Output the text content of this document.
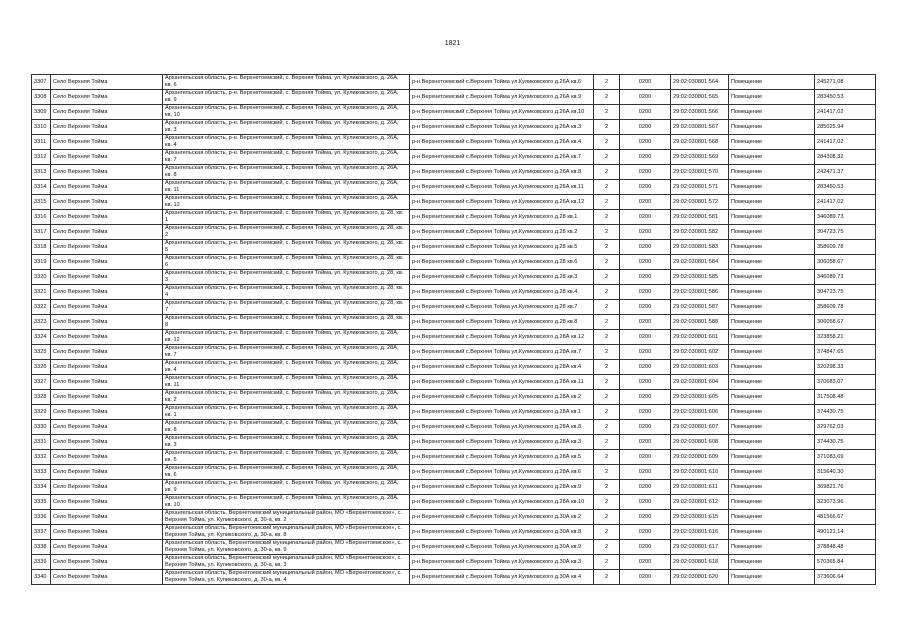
1821
3307	Село Верхняя Тойма	Архангельская область, р-н. Верхнетоемский, с. Верхняя Тойма, ул. Куликовского, д. 26А, кв. 6	р-н Верхнетоемский с.Верхняя Тойма ул.Куликовского д.26А кв.6	2	0200	29:02:030801:564	Помещение	245271,08
3308	Село Верхняя Тойма	Архангельская область, р-н. Верхнетоемский, с. Верхняя Тойма, ул. Куликовского, д. 26А, кв. 9	р-н Верхнетоемский с.Верхняя Тойма ул.Куликовского д.26А кв.9	2	0200	29:02:030801:565	Помещение	283450.53
3309	Село Верхняя Тойма	Архангельская область, р-н. Верхнетоемский, с. Верхняя Тойма, ул. Куликовского, д. 26А, кв. 10	р-н Верхнетоемский с.Верхняя Тойма ул.Куликовского д.26А кв.10	2	0200	29:02:030801:566	Помещение	241417,02
3310	Село Верхняя Тойма	Архангельская область, р-н. Верхнетоемский, с. Верхняя Тойма, ул. Куликовского, д. 26А, кв. 3	р-н Верхнетоемский с.Верхняя Тойма ул.Куликовского д.26А кв.3	2	0200	29:02:030801:567	Помещение	285025.94
3311	Село Верхняя Тойма	Архангельская область, р-н. Верхнетоемский, с. Верхняя Тойма, ул. Куликовского, д. 26А, кв. 4	р-н Верхнетоемский с.Верхняя Тойма ул.Куликовского д.26А кв.4	2	0200	29:02:030801:568	Помещение	241417,02
3312	Село Верхняя Тойма	Архангельская область, р-н. Верхнетоемский, с. Верхняя Тойма, ул. Куликовского, д. 26А, кв. 7	р-н Верхнетоемский с.Верхняя Тойма ул.Куликовского д.26А кв.7	2	0200	29:02:030801:569	Помещение	284308,32
3313	Село Верхняя Тойма	Архангельская область, р-н. Верхнетоемский, с. Верхняя Тойма, ул. Куликовского, д. 26А, кв. 8	р-н Верхнетоемский с.Верхняя Тойма ул.Куликовского д.26А кв.8	2	0200	29:02:030801:570	Помещение	242471.37
3314	Село Верхняя Тойма	Архангельская область, р-н. Верхнетоемский, с. Верхняя Тойма, ул. Куликовского, д. 26А, кв. 11	р-н Верхнетоемский с.Верхняя Тойма ул.Куликовского д.26А кв.11	2	0200	29:02:030801:571	Помещение	283450.53
3315	Село Верхняя Тойма	Архангельская область, р-н. Верхнетоемский, с. Верхняя Тойма, ул. Куликовского, д. 26А, кв. 12	р-н Верхнетоемский с.Верхняя Тойма ул.Куликовского д.26А кв.12	2	0200	29:02:030801:572	Помещение	241417,02
3316	Село Верхняя Тойма	Архангельская область, р-н. Верхнетоемский, с. Верхняя Тойма, ул. Куликовского, д. 28, кв. 1	р-н Верхнетоемский с.Верхняя Тойма ул.Куликовского д.28 кв.1	2	0200	29:02:030801:581	Помещение	346089.73
3317	Село Верхняя Тойма	Архангельская область, р-н. Верхнетоемский, с. Верхняя Тойма, ул. Куликовского, д. 28, кв. 2	р-н Верхнетоемский с.Верхняя Тойма ул.Куликовского д.28 кв.2	2	0200	29:02:030801:582	Помещение	304723.75
3318	Село Верхняя Тойма	Архангельская область, р-н. Верхнетоемский, с. Верхняя Тойма, ул. Куликовского, д. 28, кв. 5	р-н Верхнетоемский с.Верхняя Тойма ул.Куликовского д.28 кв.5	2	0200	29:02:030801:583	Помещение	358609.78
3319	Село Верхняя Тойма	Архангельская область, р-н. Верхнетоемский, с. Верхняя Тойма, ул. Куликовского, д. 28, кв. 6	р-н Верхнетоемский с.Верхняя Тойма ул.Куликовского д.28 кв.6	2	0200	29:02:030801:584	Помещение	306058.67
3320	Село Верхняя Тойма	Архангельская область, р-н. Верхнетоемский, с. Верхняя Тойма, ул. Куликовского, д. 28, кв. 3	р-н Верхнетоемский с.Верхняя Тойма ул.Куликовского д.28 кв.3	2	0200	29:02:030801:585	Помещение	346089.73
3321	Село Верхняя Тойма	Архангельская область, р-н. Верхнетоемский, с. Верхняя Тойма, ул. Куликовского, д. 28, кв. 4	р-н Верхнетоемский с.Верхняя Тойма ул.Куликовского д.28 кв.4	2	0200	29:02:030801:586	Помещение	304723.75
3322	Село Верхняя Тойма	Архангельская область, р-н. Верхнетоемский, с. Верхняя Тойма, ул. Куликовского, д. 28, кв. 7	р-н Верхнетоемский с.Верхняя Тойма ул.Куликовского д.28 кв.7	2	0200	29:02:030801:587	Помещение	358609.78
3323	Село Верхняя Тойма	Архангельская область, р-н. Верхнетоемский, с. Верхняя Тойма, ул. Куликовского, д. 28, кв. 8	р-н Верхнетоемский с.Верхняя Тойма ул.Куликовского д.28 кв.8	2	0200	29:02:030801:588	Помещение	306058.67
3324	Село Верхняя Тойма	Архангельская область, р-н. Верхнетоемский, с. Верхняя Тойма, ул. Куликовского, д. 28А, кв. 12	р-н Верхнетоемский с.Верхняя Тойма ул.Куликовского д.28А кв.12	2	0200	29:02:030801:601	Помещение	323858.21
3325	Село Верхняя Тойма	Архангельская область, р-н. Верхнетоемский, с. Верхняя Тойма, ул. Куликовского, д. 28А, кв. 7	р-н Верхнетоемский с.Верхняя Тойма ул.Куликовского д.28А кв.7	2	0200	29:02:030801:602	Помещение	374847.65
3326	Село Верхняя Тойма	Архангельская область, р-н. Верхнетоемский, с. Верхняя Тойма, ул. Куликовского, д. 28А, кв. 4	р-н Верхнетоемский с.Верхняя Тойма ул.Куликовского д.28А кв.4	2	0200	29:02:030801:603	Помещение	320298.33
3327	Село Верхняя Тойма	Архангельская область, р-н. Верхнетоемский, с. Верхняя Тойма, ул. Куликовского, д. 28А, кв. 11	р-н Верхнетоемский с.Верхняя Тойма ул.Куликовского д.28А кв.11	2	0200	29:02:030801:604	Помещение	370683,07
3328	Село Верхняя Тойма	Архангельская область, р-н. Верхнетоемский, с. Верхняя Тойма, ул. Куликовского, д. 28А, кв. 2	р-н Верхнетоемский с.Верхняя Тойма ул.Куликовского д.28А кв.2	2	0200	29:02:030801:605	Помещение	317508.48
3329	Село Верхняя Тойма	Архангельская область, р-н. Верхнетоемский, с. Верхняя Тойма, ул. Куликовского, д. 28А, кв. 1	р-н Верхнетоемский с.Верхняя Тойма ул.Куликовского д.28А кв.1	2	0200	29:02:030801:606	Помещение	374430.75
3330	Село Верхняя Тойма	Архангельская область, р-н. Верхнетоемский, с. Верхняя Тойма, ул. Куликовского, д. 28А, кв. 8	р-н Верхнетоемский с.Верхняя Тойма ул.Куликовского д.28А кв.8	2	0200	29:02:030801:607	Помещение	329762.03
3331	Село Верхняя Тойма	Архангельская область, р-н. Верхнетоемский, с. Верхняя Тойма, ул. Куликовского, д. 28А, кв. 3	р-н Верхнетоемский с.Верхняя Тойма ул.Куликовского д.28А кв.3	2	0200	29:02:030801:608	Помещение	374430.75
3332	Село Верхняя Тойма	Архангельская область, р-н. Верхнетоемский, с. Верхняя Тойма, ул. Куликовского, д. 28А, кв. 5	р-н Верхнетоемский с.Верхняя Тойма ул.Куликовского д.28А кв.5	2	0200	29:02:030801:609	Помещение	371083,69
3333	Село Верхняя Тойма	Архангельская область, р-н. Верхнетоемский, с. Верхняя Тойма, ул. Куликовского, д. 28А, кв. 6	р-н Верхнетоемский с.Верхняя Тойма ул.Куликовского д.28А кв.6	2	0200	29:02:030801:610	Помещение	315640.30
3334	Село Верхняя Тойма	Архангельская область, р-н. Верхнетоемский, с. Верхняя Тойма, ул. Куликовского, д. 28А, кв. 9	р-н Верхнетоемский с.Верхняя Тойма ул.Куликовского д.28А кв.9	2	0200	29:02:030801:611	Помещение	369821.76
3335	Село Верхняя Тойма	Архангельская область, р-н. Верхнетоемский, с. Верхняя Тойма, ул. Куликовского, д. 28А, кв. 10	р-н Верхнетоемский с.Верхняя Тойма ул.Куликовского д.28А кв.10	2	0200	29:02:030801:612	Помещение	323073.96
3336	Село Верхняя Тойма	Архангельская область, Верхнетоемский муниципальный район, МО «Верхнетоемское», с. Верхняя Тойма, ул. Куликовского, д. 30-а, кв. 2	р-н Верхнетоемский с.Верхняя Тойма ул.Куликовского д.30А кв.2	2	0200	29:02:030801:615	Помещение	481566.67
3337	Село Верхняя Тойма	Архангельская область, Верхнетоемский муниципальный район, МО «Верхнетоемское», с. Верхняя Тойма, ул. Куликовского, д. 30-а, кв. 8	р-н Верхнетоемский с.Верхняя Тойма ул.Куликовского д.30А кв.8	2	0200	29:02:030801:616	Помещение	490121,14
3338	Село Верхняя Тойма	Архангельская область, Верхнетоемский муниципальный район, МО «Верхнетоемское», с. Верхняя Тойма, ул. Куликовского, д. 30-а, кв. 9	р-н Верхнетоемский с.Верхняя Тойма ул.Куликовского д.30А кв.9	2	0200	29:02:030801:617	Помещение	378848.48
3339	Село Верхняя Тойма	Архангельская область, Верхнетоемский муниципальный район, МО «Верхнетоемское», с. Верхняя Тойма, ул. Куликовского, д. 30-а, кв. 3	р-н Верхнетоемский с.Верхняя Тойма ул.Куликовского д.30А кв.3	2	0200	29:02:030801:618	Помещение	570365.84
3340	Село Верхняя Тойма	Архангельская область, Верхнетоемский муниципальный район, МО «Верхнетоемское», с. Верхняя Тойма, ул. Куликовского, д. 30-а, кв. 4	р-н Верхнетоемский с.Верхняя Тойма ул.Куликовского д.30А кв.4	2	0200	29:02:030801:620	Помещение	373606.64
